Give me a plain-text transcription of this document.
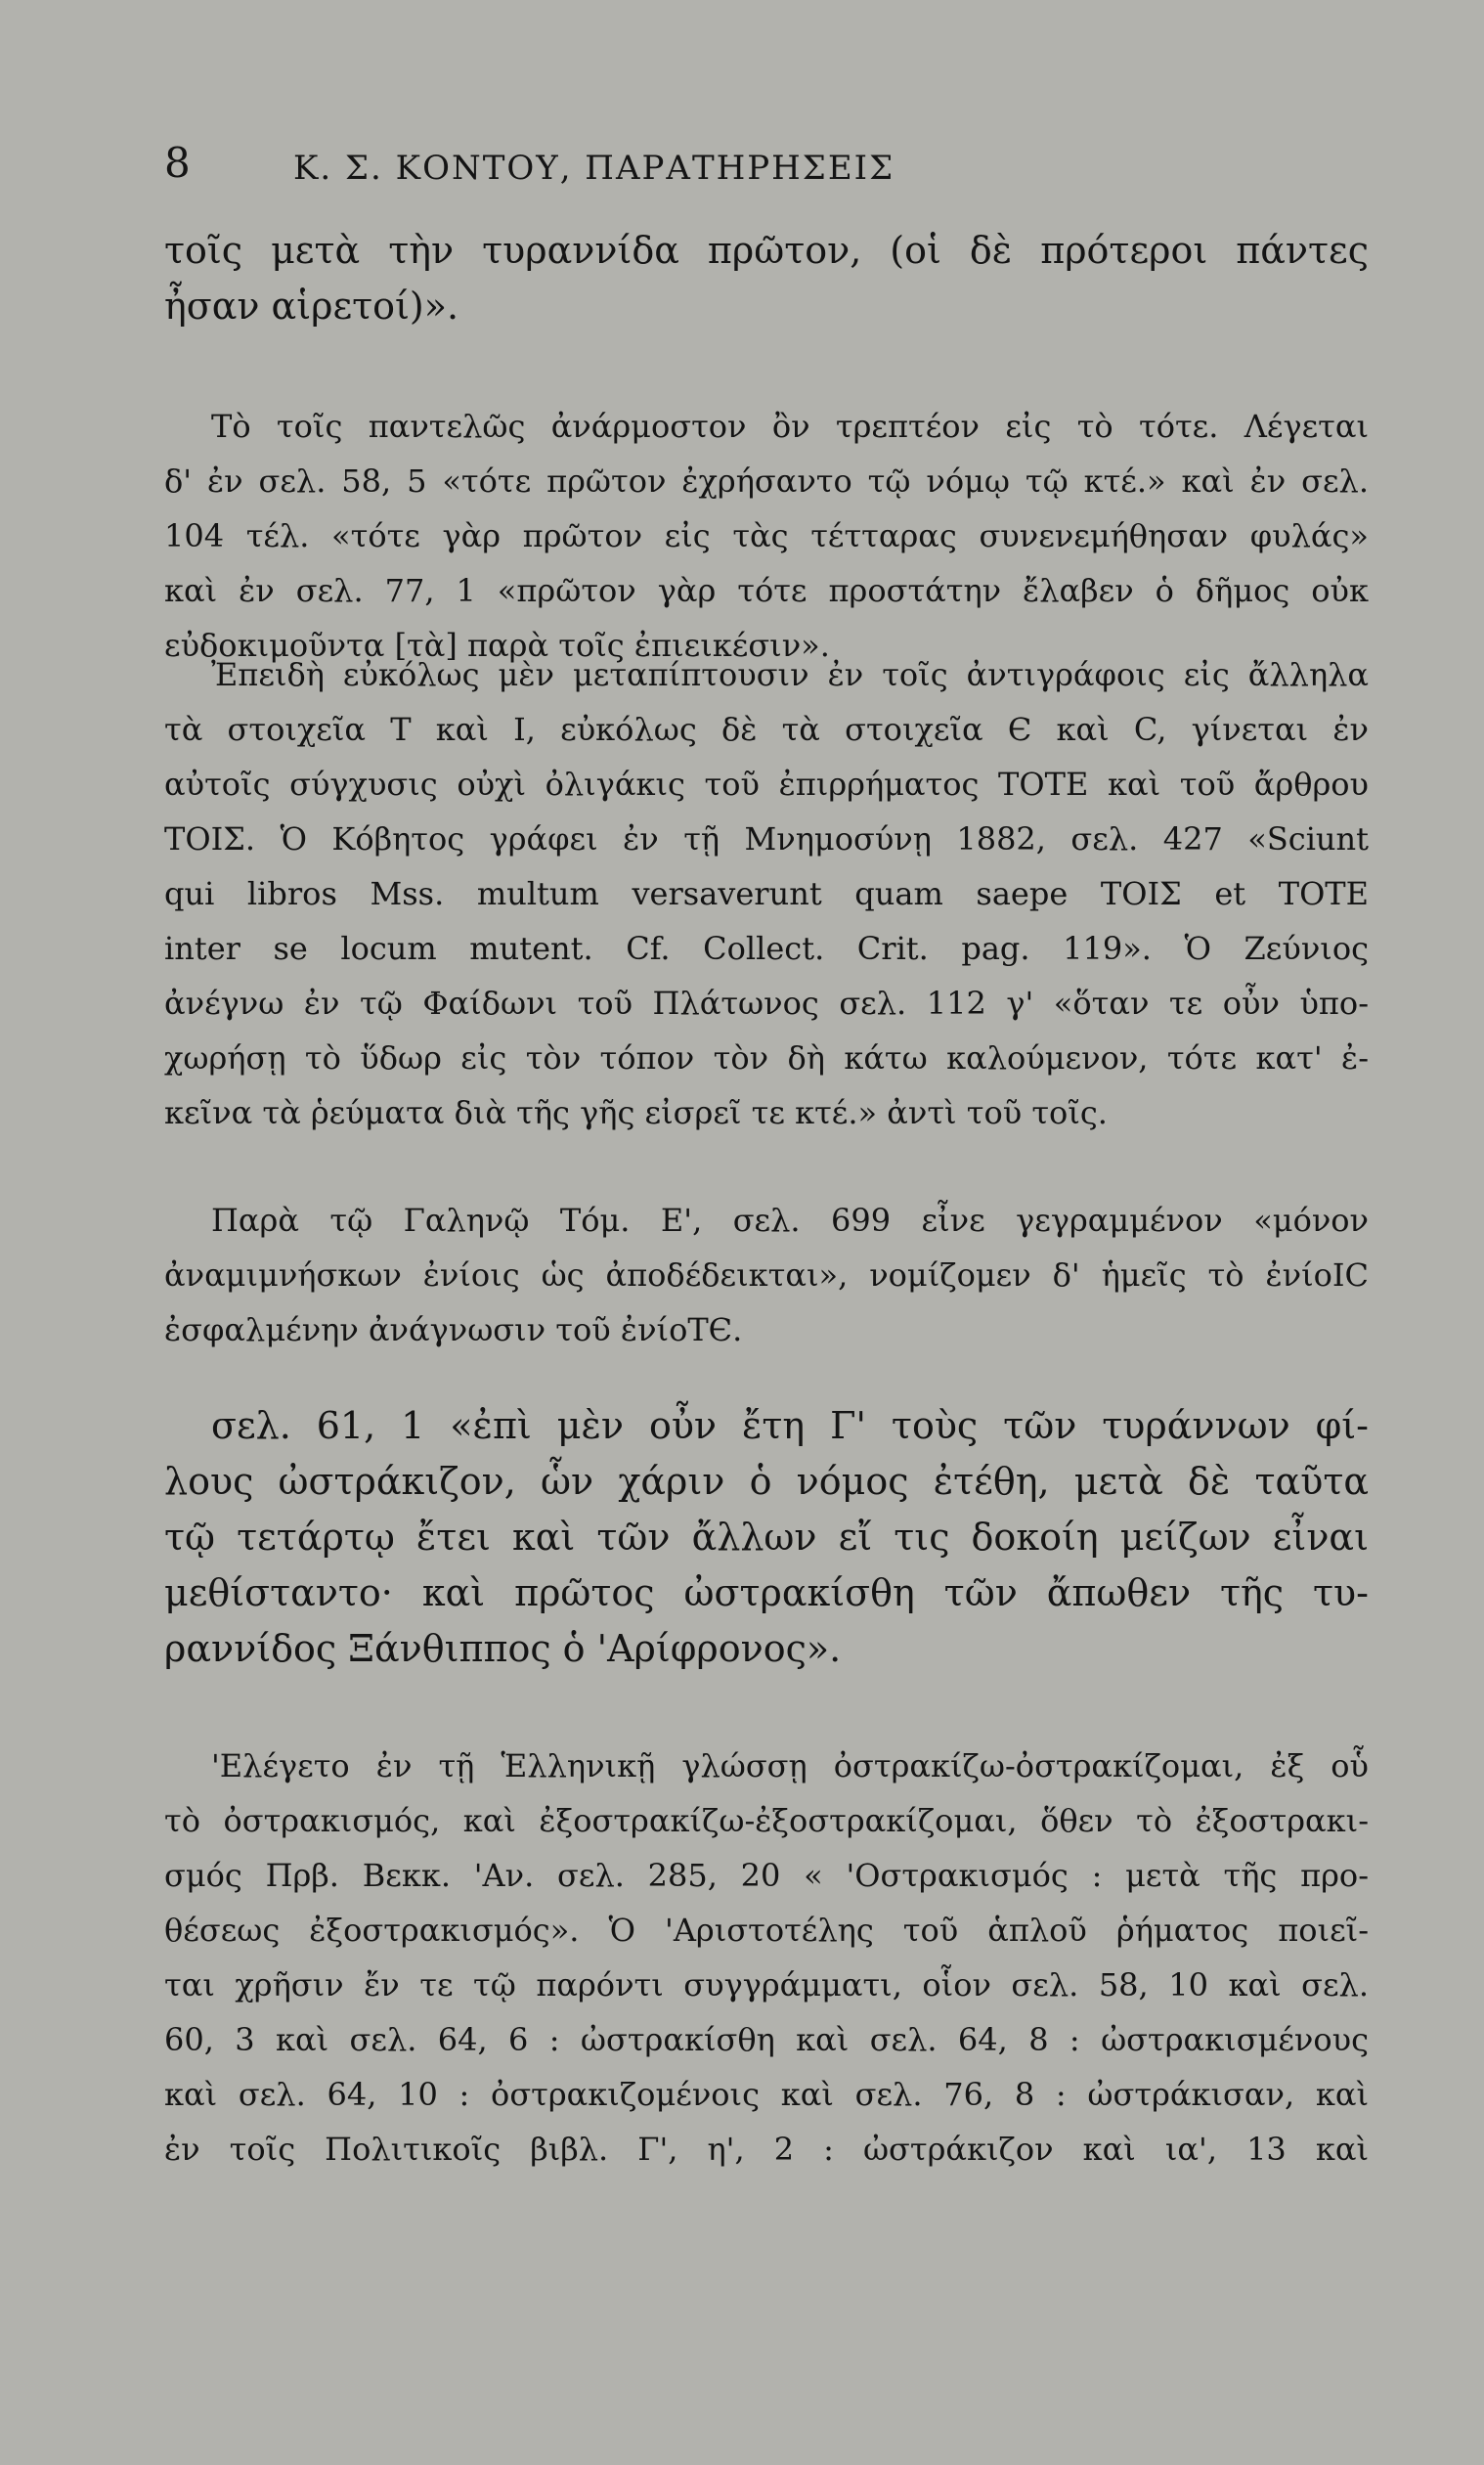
8	Κ. Σ. ΚΟΝΤΟΥ, ΠΑΡΑΤΗΡΗΣΕΙΣ
τοῖς μετὰ τὴν τυραννίδα πρῶτον, (οἱ δὲ πρότεροι πάντες
ἦσαν αἱρετοί)».
Τὸ τοῖς παντελῶς ἀνάρμοστον ὂν τρεπτέον εἰς τὸ τότε. Λέγεται
δ' ἐν σελ. 58, 5 «τότε πρῶτον ἐχρήσαντο τῷ νόμῳ τῷ κτέ.» καὶ ἐν σελ.
104 τέλ. «τότε γὰρ πρῶτον εἰς τὰς τέτταρας συνενεμήθησαν φυλάς»
καὶ ἐν σελ. 77, 1 «πρῶτον γὰρ τότε προστάτην ἔλαβεν ὁ δῆμος οὐκ
εὐδοκιμοῦντα [τὰ] παρὰ τοῖς ἐπιεικέσιν».
Ἐπειδὴ εὐκόλως μὲν μεταπίπτουσιν ἐν τοῖς ἀντιγράφοις εἰς ἄλληλα
τὰ στοιχεῖα Τ καὶ Ι, εὐκόλως δὲ τὰ στοιχεῖα Є καὶ C, γίνεται ἐν
αὐτοῖς σύγχυσις οὐχὶ ὀλιγάκις τοῦ ἐπιρρήματος ΤΟΤΕ καὶ τοῦ ἄρθρου
ΤΟΙΣ. Ὁ Κόβητος γράφει ἐν τῇ Μνημοσύνῃ 1882, σελ. 427 «Sciunt
qui libros Mss. multum versaverunt quam saepe ΤΟΙΣ et ΤΟΤΕ
inter se locum mutent. Cf. Collect. Crit. pag. 119». Ὁ Ζεύνιος
ἀνέγνω ἐν τῷ Φαίδωνι τοῦ Πλάτωνος σελ. 112 γ' «ὅταν τε οὖν ὑπο-
χωρήσῃ τὸ ὕδωρ εἰς τὸν τόπον τὸν δὴ κάτω καλούμενον, τότε κατ' ἐ-
κεῖνα τὰ ῥεύματα διὰ τῆς γῆς εἰσρεῖ τε κτέ.» ἀντὶ τοῦ τοῖς.
Παρὰ τῷ Γαληνῷ Τόμ. Ε', σελ. 699 εἶνε γεγραμμένον «μόνον
ἀναμιμνήσκων ἐνίοις ὡς ἀποδέδεικται», νομίζομεν δ' ἡμεῖς τὸ ἐνίοΙϹ
ἐσφαλμένην ἀνάγνωσιν τοῦ ἐνίοΤЄ.
σελ. 61, 1 «ἐπὶ μὲν οὖν ἔτη Γ' τοὺς τῶν τυράννων φί-
λους ὠστράκιζον, ὧν χάριν ὁ νόμος ἐτέθη, μετὰ δὲ ταῦτα
τῷ τετάρτῳ ἔτει καὶ τῶν ἄλλων εἴ τις δοκοίη μείζων εἶναι
μεθίσταντο· καὶ πρῶτος ὠστρακίσθη τῶν ἄπωθεν τῆς τυ-
ραννίδος Ξάνθιππος ὁ 'Αρίφρονος».
'Ελέγετο ἐν τῇ Ἑλληνικῇ γλώσσῃ ὀστρακίζω-ὀστρακίζομαι, ἐξ οὗ
τὸ ὀστρακισμός, καὶ ἐξοστρακίζω-ἐξοστρακίζομαι, ὅθεν τὸ ἐξοστρακι-
σμός Πρβ. Βεκκ. 'Αν. σελ. 285, 20 « 'Οστρακισμός : μετὰ τῆς προ-
θέσεως ἐξοστρακισμός». Ὁ 'Αριστοτέλης τοῦ ἁπλοῦ ῥήματος ποιεῖ-
ται χρῆσιν ἔν τε τῷ παρόντι συγγράμματι, οἷον σελ. 58, 10 καὶ σελ.
60, 3 καὶ σελ. 64, 6 : ὠστρακίσθη καὶ σελ. 64, 8 : ὠστρακισμένους
καὶ σελ. 64, 10 : ὀστρακιζομένοις καὶ σελ. 76, 8 : ὠστράκισαν, καὶ
ἐν τοῖς Πολιτικοῖς βιβλ. Γ', η', 2 : ὠστράκιζον καὶ ια', 13 καὶ
